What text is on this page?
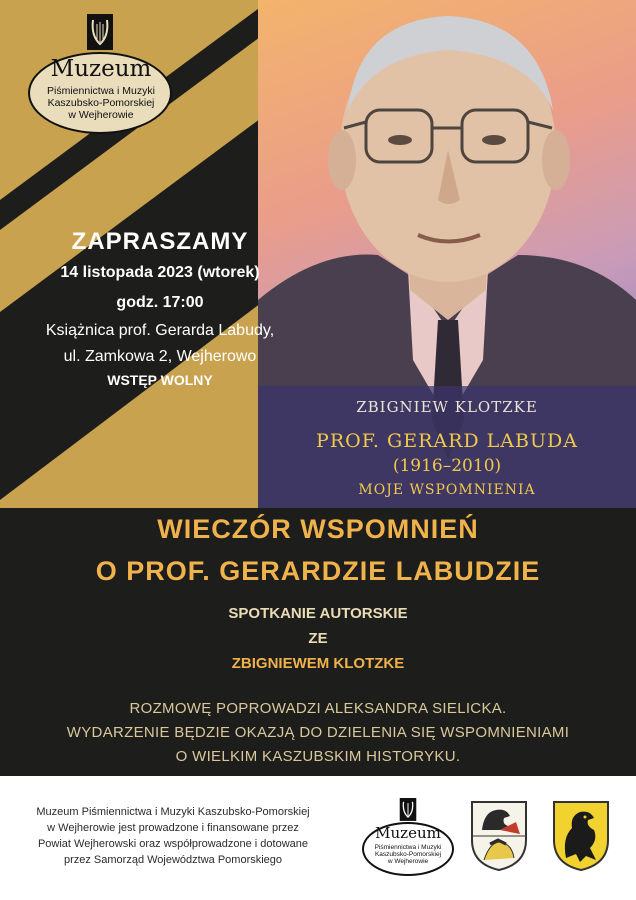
ZBIGNIEW KLOTZKE
PROF. GERARD LABUDA
(1916–2010)
MOJE WSPOMNIENIA
Muzeum
Piśmiennictwa i Muzyki
Kaszubsko-Pomorskiej
w Wejherowie
ZAPRASZAMY
14 listopada 2023 (wtorek)
godz. 17:00
Książnica prof. Gerarda Labudy,
ul. Zamkowa 2, Wejherowo
WSTĘP WOLNY
WIECZÓR WSPOMNIEŃ
O PROF. GERARDZIE LABUDZIE
SPOTKANIE AUTORSKIE
ZE
ZBIGNIEWEM KLOTZKE
ROZMOWĘ POPROWADZI ALEKSANDRA SIELICKA.
WYDARZENIE BĘDZIE OKAZJĄ DO DZIELENIA SIĘ WSPOMNIENIAMI
O WIELKIM KASZUBSKIM HISTORYKU.
Muzeum Piśmiennictwa i Muzyki Kaszubsko-Pomorskiej
w Wejherowie jest prowadzone i finansowane przez
Powiat Wejherowski oraz współprowadzone i dotowane
przez Samorząd Województwa Pomorskiego
Muzeum
Piśmiennictwa i Muzyki
Kaszubsko-Pomorskiej
w Wejherowie
